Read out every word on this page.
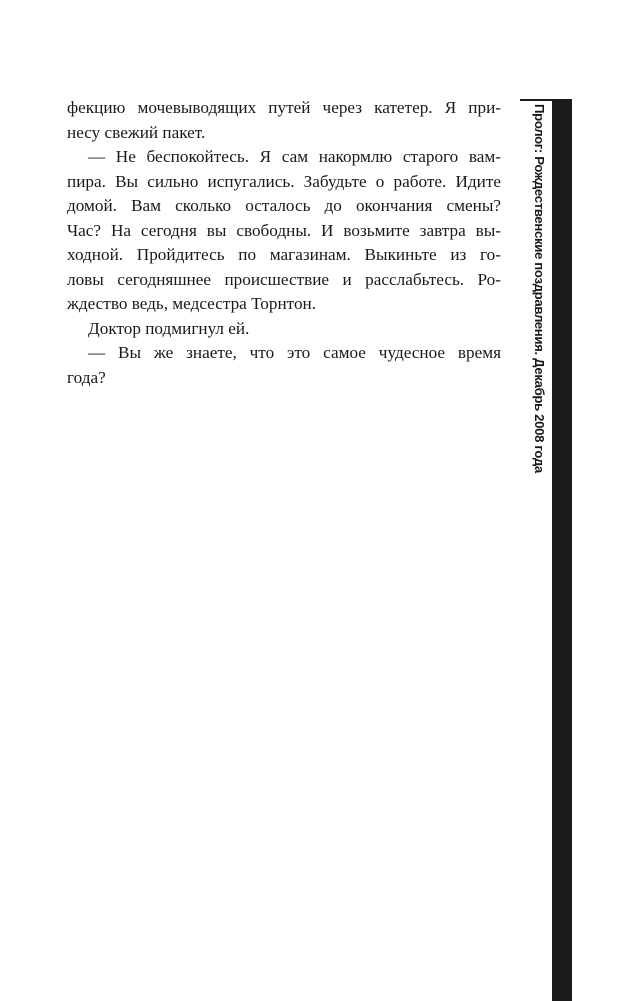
фекцию мочевыводящих путей через катетер. Я при-
несу свежий пакет.
— Не беспокойтесь. Я сам накормлю старого вам-
пира. Вы сильно испугались. Забудьте о работе. Идите
домой. Вам сколько осталось до окончания смены?
Час? На сегодня вы свободны. И возьмите завтра вы-
ходной. Пройдитесь по магазинам. Выкиньте из го-
ловы сегодняшнее происшествие и расслабьтесь. Ро-
ждество ведь, медсестра Торнтон.
Доктор подмигнул ей.
— Вы же знаете, что это самое чудесное время
года?	Пролог: Рождественские поздравления. Декабрь 2008 года
